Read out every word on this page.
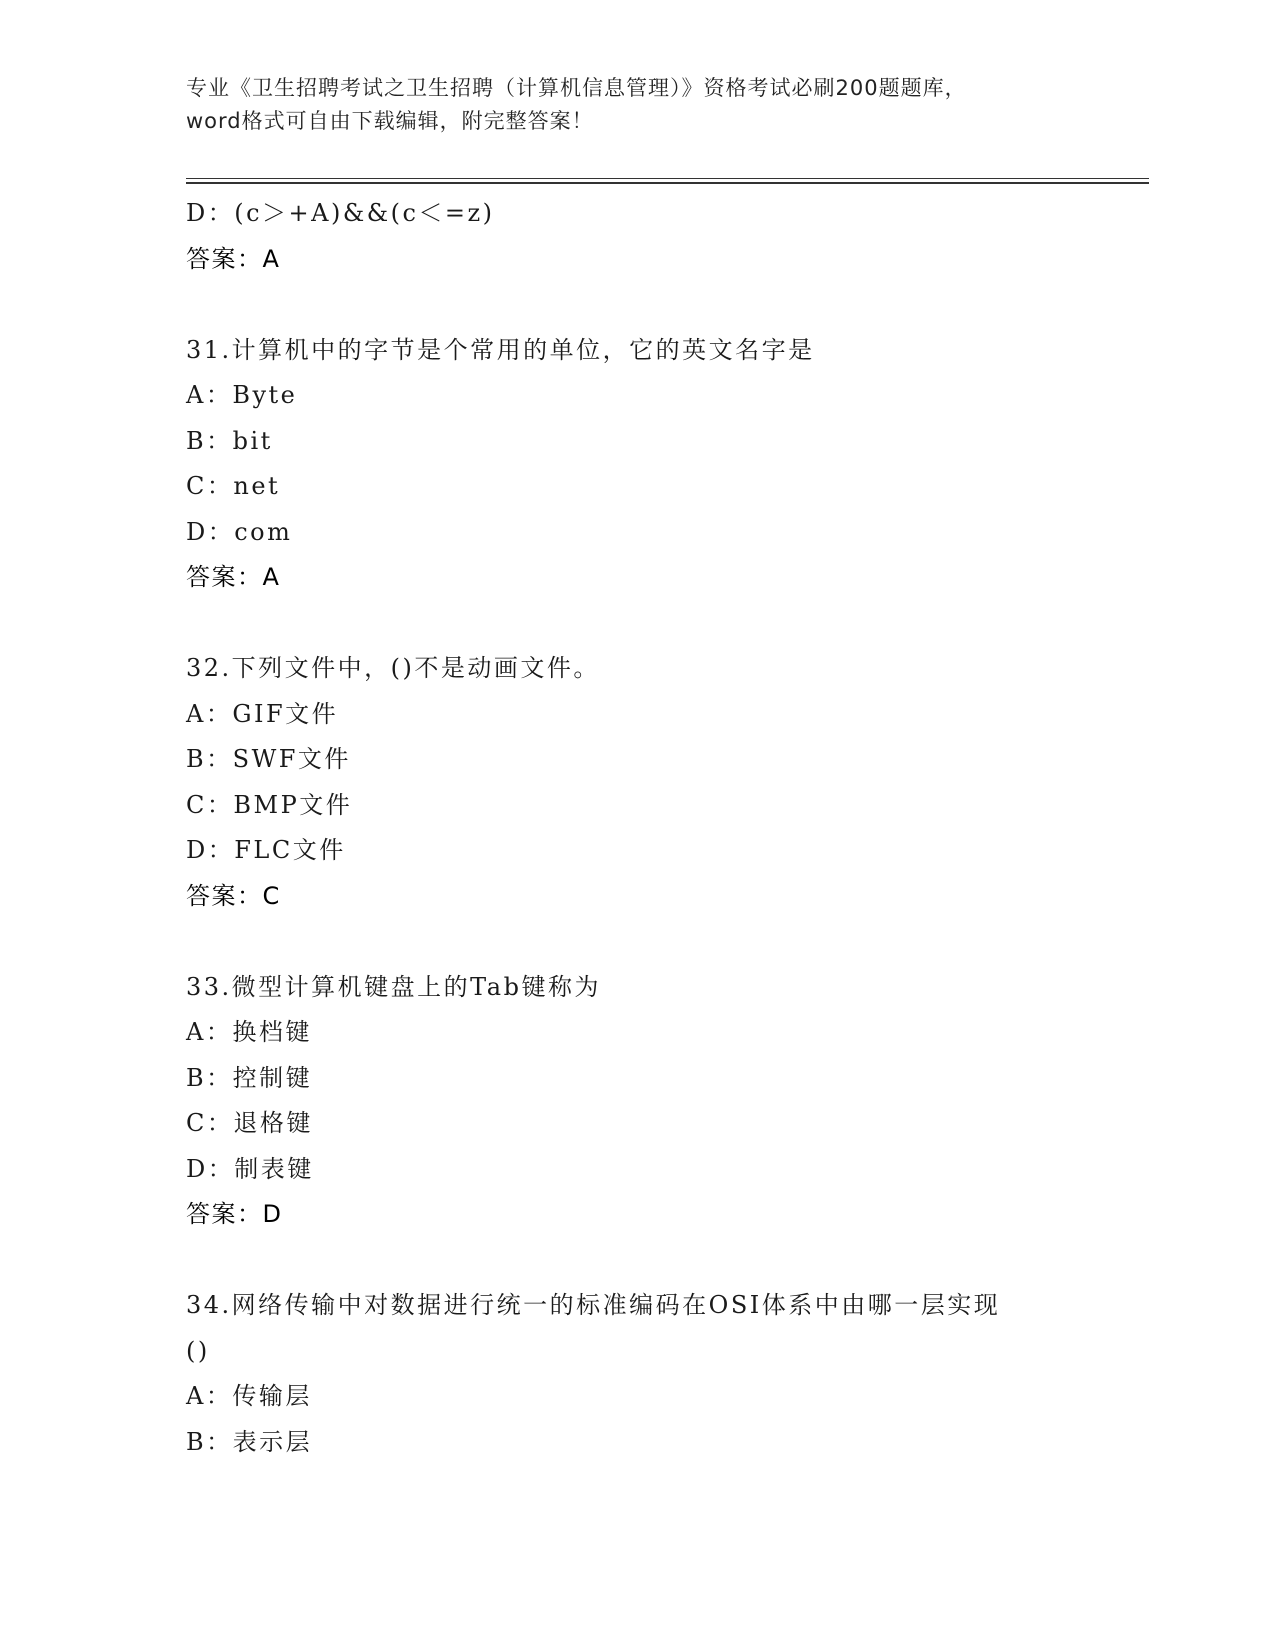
专业《卫生招聘考试之卫生招聘（计算机信息管理）》资格考试必刷200题题库，
word格式可自由下载编辑，附完整答案！
D：(c＞+A)&&(c＜=z)
答案：A
31.计算机中的字节是个常用的单位，它的英文名字是
A：Byte
B：bit
C：net
D：com
答案：A
32.下列文件中，()不是动画文件。
A：GIF文件
B：SWF文件
C：BMP文件
D：FLC文件
答案：C
33.微型计算机键盘上的Tab键称为
A：换档键
B：控制键
C：退格键
D：制表键
答案：D
34.网络传输中对数据进行统一的标准编码在OSI体系中由哪一层实现
()
A：传输层
B：表示层
